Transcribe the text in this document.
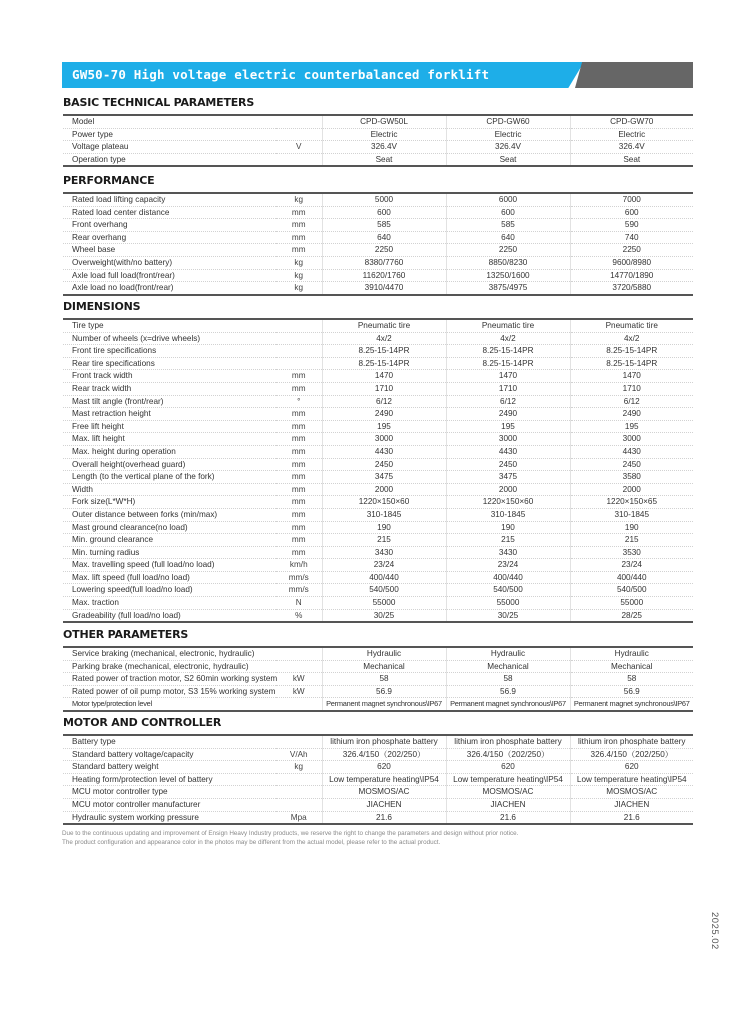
GW50-70 High voltage electric counterbalanced forklift
BASIC TECHNICAL PARAMETERS
Model		CPD-GW50L	CPD-GW60	CPD-GW70
Power type		Electric	Electric	Electric
Voltage plateau	V	326.4V	326.4V	326.4V
Operation type		Seat	Seat	Seat
PERFORMANCE
Rated load lifting capacity	kg	5000	6000	7000
Rated load center distance	mm	600	600	600
Front overhang	mm	585	585	590
Rear overhang	mm	640	640	740
Wheel base	mm	2250	2250	2250
Overweight(with/no battery)	kg	8380/7760	8850/8230	9600/8980
Axle load full load(front/rear)	kg	11620/1760	13250/1600	14770/1890
Axle load no load(front/rear)	kg	3910/4470	3875/4975	3720/5880
DIMENSIONS
Tire type		Pneumatic tire	Pneumatic tire	Pneumatic tire
Number of wheels (x=drive wheels)		4x/2	4x/2	4x/2
Front tire specifications		8.25-15-14PR	8.25-15-14PR	8.25-15-14PR
Rear tire specifications		8.25-15-14PR	8.25-15-14PR	8.25-15-14PR
Front track width	mm	1470	1470	1470
Rear track width	mm	1710	1710	1710
Mast tilt angle (front/rear)	°	6/12	6/12	6/12
Mast retraction height	mm	2490	2490	2490
Free lift height	mm	195	195	195
Max. lift height	mm	3000	3000	3000
Max. height during operation	mm	4430	4430	4430
Overall height(overhead guard)	mm	2450	2450	2450
Length (to the vertical plane of the fork)	mm	3475	3475	3580
Width	mm	2000	2000	2000
Fork size(L*W*H)	mm	1220×150×60	1220×150×60	1220×150×65
Outer distance between forks (min/max)	mm	310-1845	310-1845	310-1845
Mast ground clearance(no load)	mm	190	190	190
Min. ground clearance	mm	215	215	215
Min. turning radius	mm	3430	3430	3530
Max. travelling speed (full load/no load)	km/h	23/24	23/24	23/24
Max. lift speed (full load/no load)	mm/s	400/440	400/440	400/440
Lowering speed(full load/no load)	mm/s	540/500	540/500	540/500
Max. traction	N	55000	55000	55000
Gradeability (full load/no load)	%	30/25	30/25	28/25
OTHER PARAMETERS
Service braking (mechanical, electronic, hydraulic)		Hydraulic	Hydraulic	Hydraulic
Parking brake (mechanical, electronic, hydraulic)		Mechanical	Mechanical	Mechanical
Rated power of traction motor, S2 60min working system	kW	58	58	58
Rated power of oil pump motor, S3 15% working system	kW	56.9	56.9	56.9
Motor type/protection level		Permanent magnet synchronous\IP67	Permanent magnet synchronous\IP67	Permanent magnet synchronous\IP67
MOTOR AND CONTROLLER
Battery type		lithium iron phosphate battery	lithium iron phosphate battery	lithium iron phosphate battery
Standard battery voltage/capacity	V/Ah	326.4/150（202/250）	326.4/150（202/250）	326.4/150（202/250）
Standard battery weight	kg	620	620	620
Heating form/protection level of battery		Low temperature heating\IP54	Low temperature heating\IP54	Low temperature heating\IP54
MCU motor controller type		MOSMOS/AC	MOSMOS/AC	MOSMOS/AC
MCU motor controller manufacturer		JIACHEN	JIACHEN	JIACHEN
Hydraulic system working pressure	Mpa	21.6	21.6	21.6
Due to the continuous updating and improvement of Ensign Heavy Industry products, we reserve the right to change the parameters and design without prior notice.
The product configuration and appearance color in the photos may be different from the actual model, please refer to the actual product.
2025.02
